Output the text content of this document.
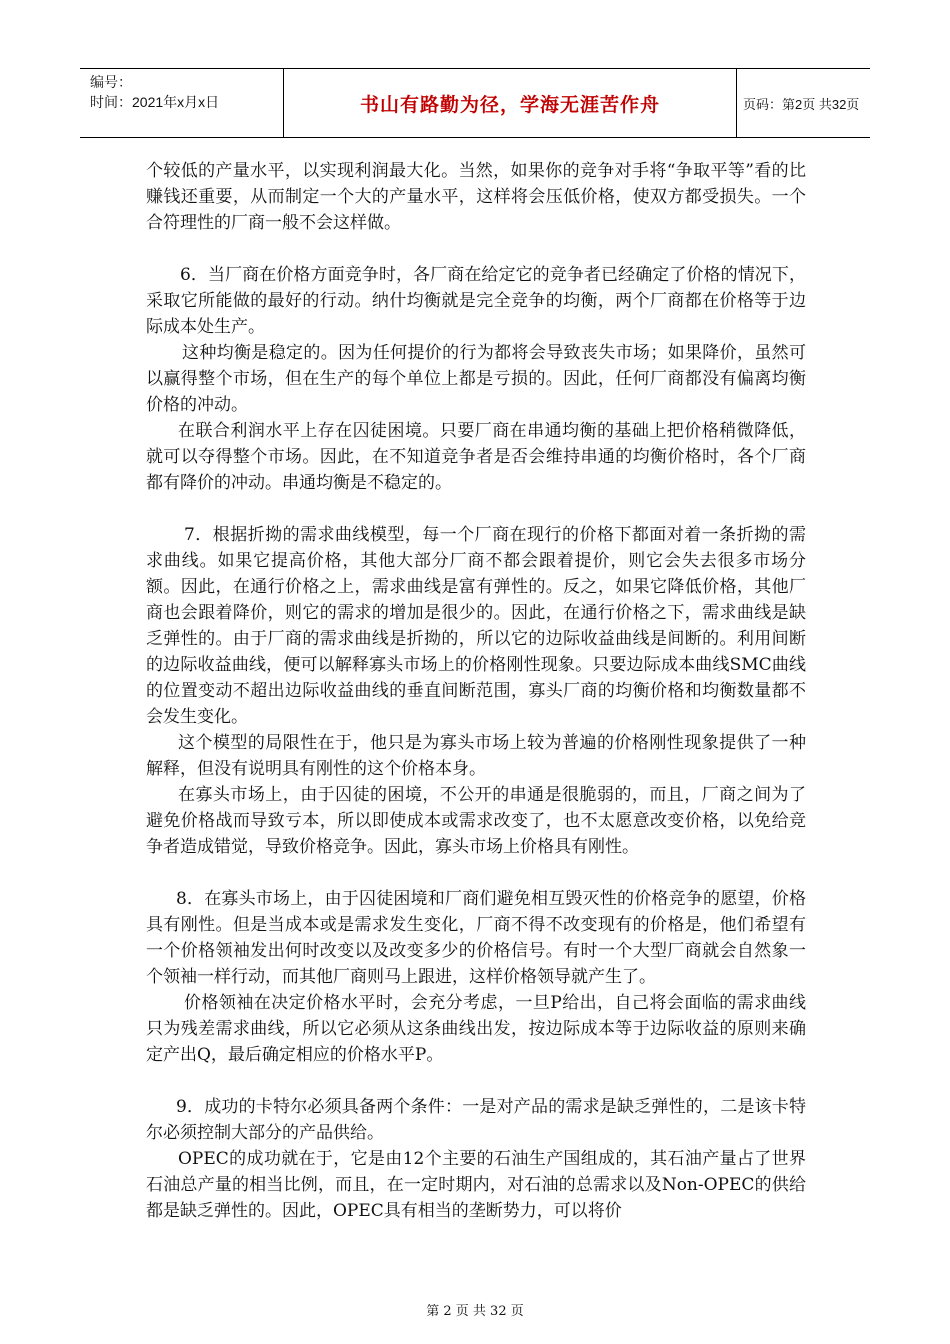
编号：
时间：2021年x月x日	书山有路勤为径，学海无涯苦作舟	页码：第2页 共32页

个较低的产量水平，以实现利润最大化。当然，如果你的竞争对手将“争取平等”看的比赚钱还重要，从而制定一个大的产量水平，这样将会压低价格，使双方都受损失。一个合符理性的厂商一般不会这样做。

6．当厂商在价格方面竞争时，各厂商在给定它的竞争者已经确定了价格的情况下，采取它所能做的最好的行动。纳什均衡就是完全竞争的均衡，两个厂商都在价格等于边际成本处生产。

这种均衡是稳定的。因为任何提价的行为都将会导致丧失市场；如果降价，虽然可以赢得整个市场，但在生产的每个单位上都是亏损的。因此，任何厂商都没有偏离均衡价格的冲动。

在联合利润水平上存在囚徒困境。只要厂商在串通均衡的基础上把价格稍微降低，就可以夺得整个市场。因此，在不知道竞争者是否会维持串通的均衡价格时，各个厂商都有降价的冲动。串通均衡是不稳定的。

7．根据折拗的需求曲线模型，每一个厂商在现行的价格下都面对着一条折拗的需求曲线。如果它提高价格，其他大部分厂商不都会跟着提价，则它会失去很多市场分额。因此，在通行价格之上，需求曲线是富有弹性的。反之，如果它降低价格，其他厂商也会跟着降价，则它的需求的增加是很少的。因此，在通行价格之下，需求曲线是缺乏弹性的。由于厂商的需求曲线是折拗的，所以它的边际收益曲线是间断的。利用间断的边际收益曲线，便可以解释寡头市场上的价格刚性现象。只要边际成本曲线SMC曲线的位置变动不超出边际收益曲线的垂直间断范围，寡头厂商的均衡价格和均衡数量都不会发生变化。

这个模型的局限性在于，他只是为寡头市场上较为普遍的价格刚性现象提供了一种解释，但没有说明具有刚性的这个价格本身。

在寡头市场上，由于囚徒的困境，不公开的串通是很脆弱的，而且，厂商之间为了避免价格战而导致亏本，所以即使成本或需求改变了，也不太愿意改变价格，以免给竞争者造成错觉，导致价格竞争。因此，寡头市场上价格具有刚性。

8．在寡头市场上，由于囚徒困境和厂商们避免相互毁灭性的价格竞争的愿望，价格具有刚性。但是当成本或是需求发生变化，厂商不得不改变现有的价格是，他们希望有一个价格领袖发出何时改变以及改变多少的价格信号。有时一个大型厂商就会自然象一个领袖一样行动，而其他厂商则马上跟进，这样价格领导就产生了。

价格领袖在决定价格水平时，会充分考虑，一旦P给出，自己将会面临的需求曲线只为残差需求曲线，所以它必须从这条曲线出发，按边际成本等于边际收益的原则来确定产出Q，最后确定相应的价格水平P。

9．成功的卡特尔必须具备两个条件：一是对产品的需求是缺乏弹性的，二是该卡特尔必须控制大部分的产品供给。

OPEC的成功就在于，它是由12个主要的石油生产国组成的，其石油产量占了世界石油总产量的相当比例，而且，在一定时期内，对石油的总需求以及Non-OPEC的供给都是缺乏弹性的。因此，OPEC具有相当的垄断势力，可以将价

第 2 页 共 32 页
